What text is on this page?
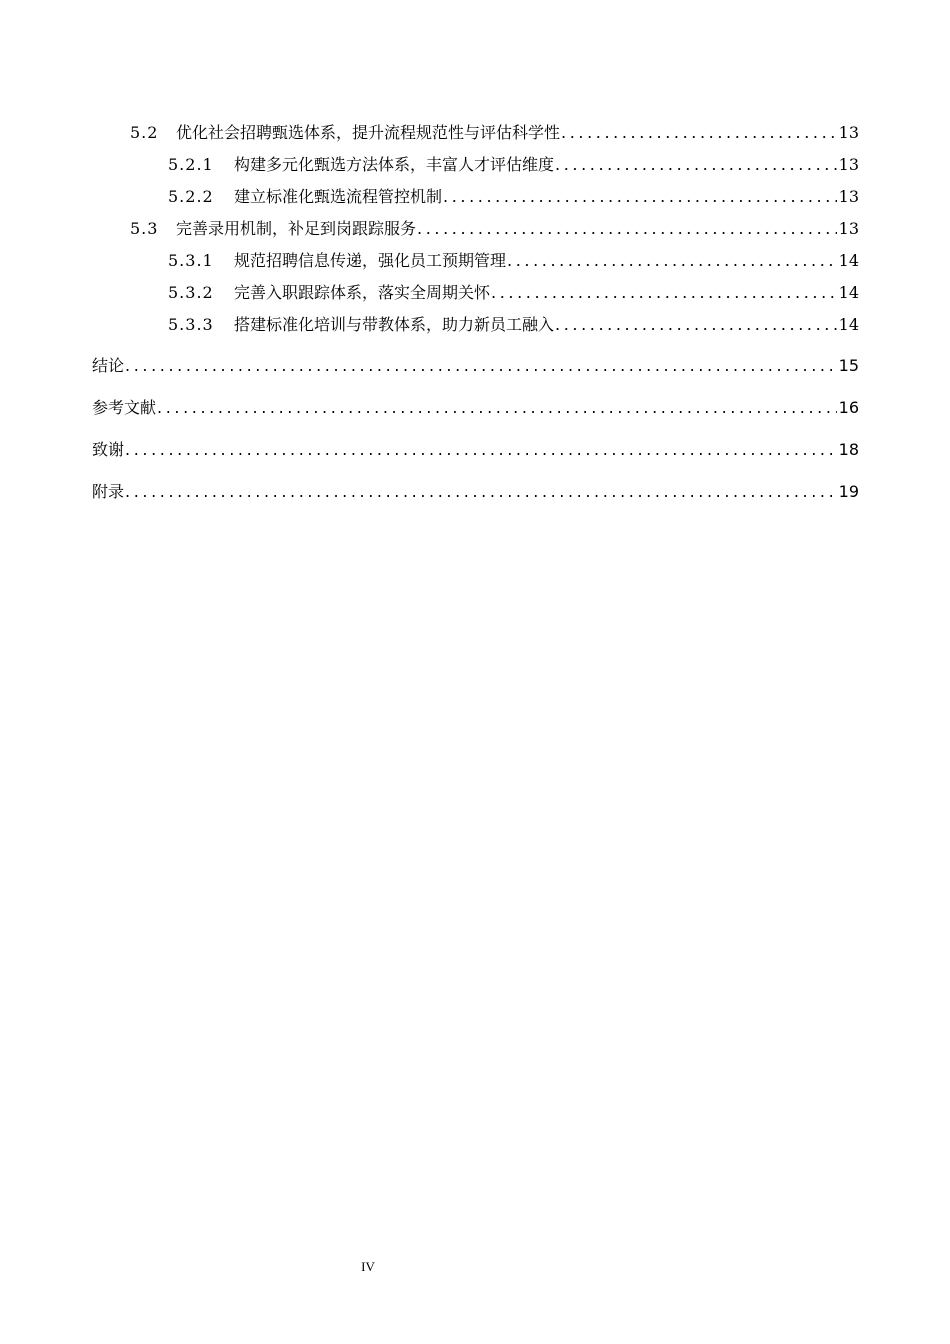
5.2	优化社会招聘甄选体系，提升流程规范性与评估科学性 .....	13
5.2.1	构建多元化甄选方法体系，丰富人才评估维度 .....	13
5.2.2	建立标准化甄选流程管控机制 .....	13
5.3	完善录用机制，补足到岗跟踪服务 .....	13
5.3.1	规范招聘信息传递，强化员工预期管理 .....	14
5.3.2	完善入职跟踪体系，落实全周期关怀 .....	14
5.3.3	搭建标准化培训与带教体系，助力新员工融入 .....	14
结论 .....	15
参考文献 .....	16
致谢 .....	18
附录 .....	19
IV
